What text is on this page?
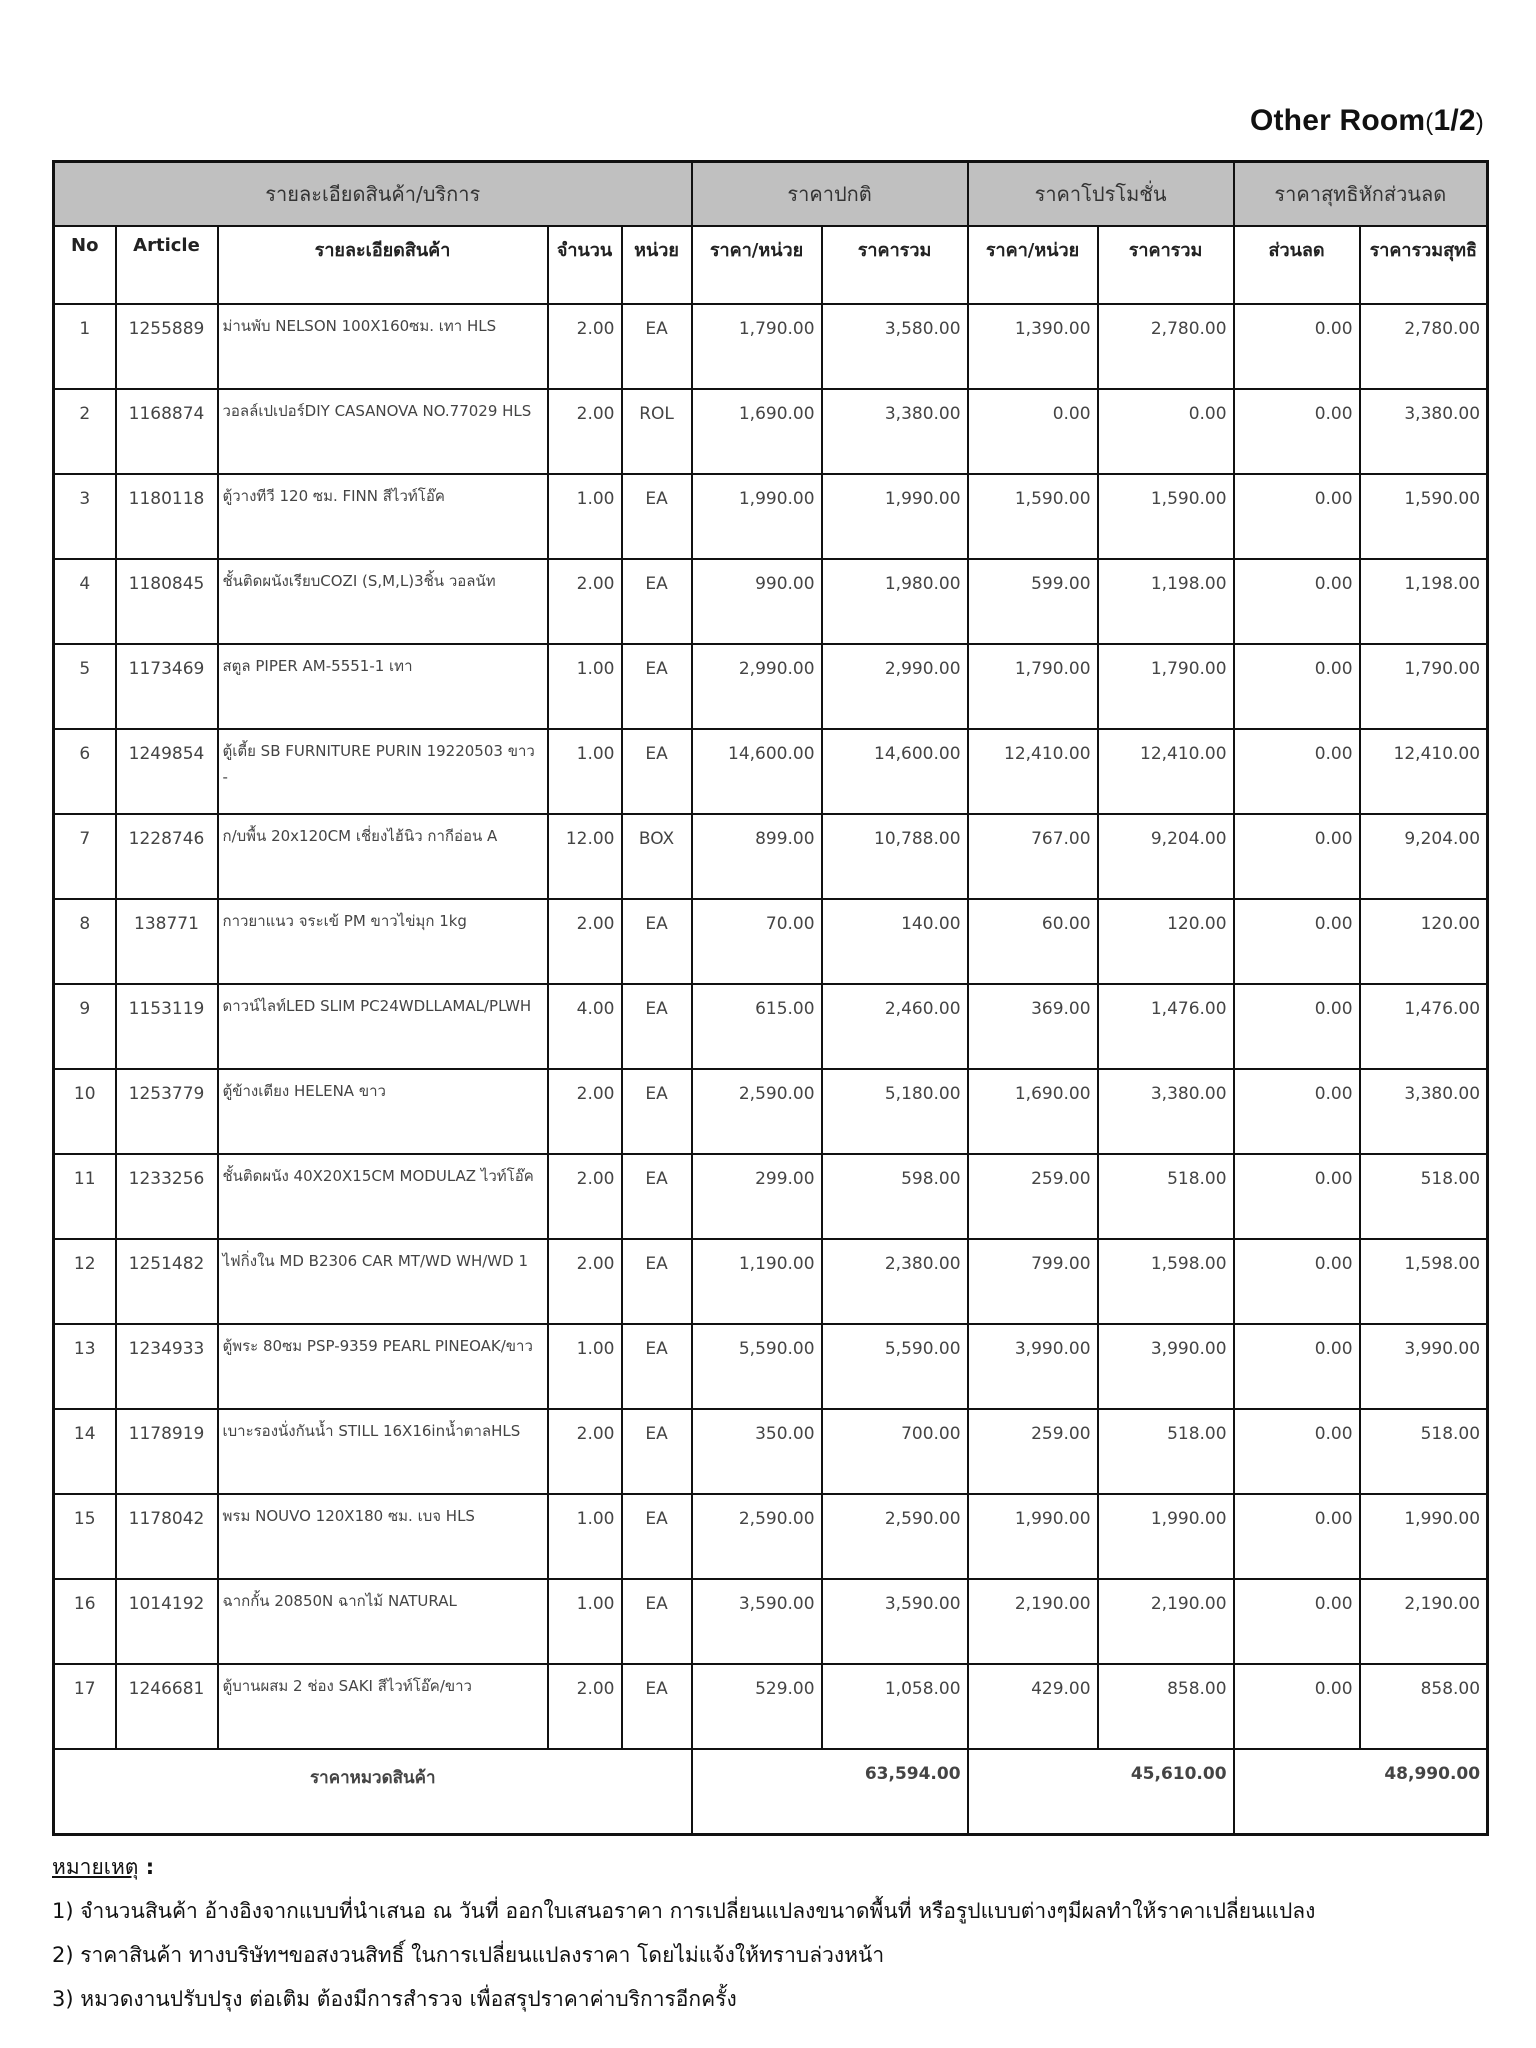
Other Room(1/2)
รายละเอียดสินค้า/บริการ					ราคาปกติ		ราคาโปรโมชั่น		ราคาสุทธิหักส่วนลด	
No	Article	รายละเอียดสินค้า	จำนวน	หน่วย	ราคา/หน่วย	ราคารวม	ราคา/หน่วย	ราคารวม	ส่วนลด	ราคารวมสุทธิ
1	1255889	ม่านพับ NELSON 100X160ซม. เทา HLS	2.00	EA	1,790.00	3,580.00	1,390.00	2,780.00	0.00	2,780.00
2	1168874	วอลล์เปเปอร์DIY CASANOVA NO.77029 HLS	2.00	ROL	1,690.00	3,380.00	0.00	0.00	0.00	3,380.00
3	1180118	ตู้วางทีวี 120 ซม. FINN สีไวท์โอ๊ค	1.00	EA	1,990.00	1,990.00	1,590.00	1,590.00	0.00	1,590.00
4	1180845	ชั้นติดผนังเรียบCOZI (S,M,L)3ชิ้น วอลนัท	2.00	EA	990.00	1,980.00	599.00	1,198.00	0.00	1,198.00
5	1173469	สตูล PIPER AM-5551-1 เทา	1.00	EA	2,990.00	2,990.00	1,790.00	1,790.00	0.00	1,790.00
6	1249854	ตู้เตี้ย SB FURNITURE PURIN 19220503 ขาว -	1.00	EA	14,600.00	14,600.00	12,410.00	12,410.00	0.00	12,410.00
7	1228746	ก/บพื้น 20x120CM เชี่ยงไฮ้นิว กากีอ่อน A	12.00	BOX	899.00	10,788.00	767.00	9,204.00	0.00	9,204.00
8	138771	กาวยาแนว จระเข้ PM ขาวไข่มุก 1kg	2.00	EA	70.00	140.00	60.00	120.00	0.00	120.00
9	1153119	ดาวน์ไลท์LED SLIM PC24WDLLAMAL/PLWH	4.00	EA	615.00	2,460.00	369.00	1,476.00	0.00	1,476.00
10	1253779	ตู้ข้างเตียง HELENA ขาว	2.00	EA	2,590.00	5,180.00	1,690.00	3,380.00	0.00	3,380.00
11	1233256	ชั้นติดผนัง 40X20X15CM MODULAZ ไวท์โอ๊ค	2.00	EA	299.00	598.00	259.00	518.00	0.00	518.00
12	1251482	ไฟกิ่งใน MD B2306 CAR MT/WD WH/WD 1	2.00	EA	1,190.00	2,380.00	799.00	1,598.00	0.00	1,598.00
13	1234933	ตู้พระ 80ซม PSP-9359 PEARL PINEOAK/ขาว	1.00	EA	5,590.00	5,590.00	3,990.00	3,990.00	0.00	3,990.00
14	1178919	เบาะรองนั่งกันน้ำ STILL 16X16inน้ำตาลHLS	2.00	EA	350.00	700.00	259.00	518.00	0.00	518.00
15	1178042	พรม NOUVO 120X180 ซม. เบจ HLS	1.00	EA	2,590.00	2,590.00	1,990.00	1,990.00	0.00	1,990.00
16	1014192	ฉากกั้น 20850N ฉากไม้ NATURAL	1.00	EA	3,590.00	3,590.00	2,190.00	2,190.00	0.00	2,190.00
17	1246681	ตู้บานผสม 2 ช่อง SAKI สีไวท์โอ๊ค/ขาว	2.00	EA	529.00	1,058.00	429.00	858.00	0.00	858.00
ราคาหมวดสินค้า					63,594.00		45,610.00		48,990.00	
หมายเหตุ :
1) จำนวนสินค้า อ้างอิงจากแบบที่นำเสนอ ณ วันที่ ออกใบเสนอราคา การเปลี่ยนแปลงขนาดพื้นที่ หรือรูปแบบต่างๆมีผลทำให้ราคาเปลี่ยนแปลง
2) ราคาสินค้า ทางบริษัทฯขอสงวนสิทธิ์ ในการเปลี่ยนแปลงราคา โดยไม่แจ้งให้ทราบล่วงหน้า
3) หมวดงานปรับปรุง ต่อเติม ต้องมีการสำรวจ เพื่อสรุปราคาค่าบริการอีกครั้ง
